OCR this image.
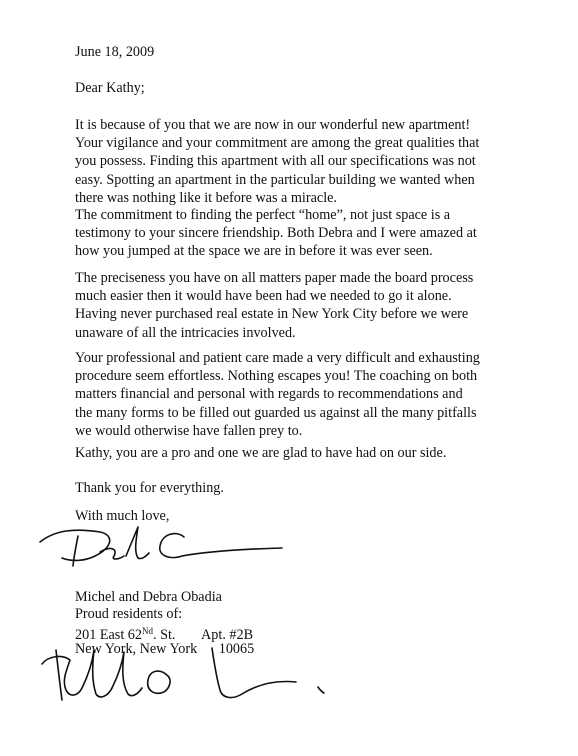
June 18, 2009
Dear Kathy;
It is because of you that we are now in our wonderful new apartment!
Your vigilance and your commitment are among the great qualities that
you possess. Finding this apartment with all our specifications was not
easy. Spotting an apartment in the particular building we wanted when
there was nothing like it before was a miracle.
The commitment to finding the perfect “home”, not just space is a
testimony to your sincere friendship. Both Debra and I were amazed at
how you jumped at the space we are in before it was ever seen.
The preciseness you have on all matters paper made the board process
much easier then it would have been had we needed to go it alone.
Having never purchased real estate in New York City before we were
unaware of all the intricacies involved.
Your professional and patient care made a very difficult and exhausting
procedure seem effortless. Nothing escapes you! The coaching on both
matters financial and personal with regards to recommendations and
the many forms to be filled out guarded us against all the many pitfalls
we would otherwise have fallen prey to.
Kathy, you are a pro and one we are glad to have had on our side.
Thank you for everything.
With much love,
Michel and Debra Obadia
Proud residents of:
201 East 62Nd. St. Apt. #2B
New York, New York 10065
